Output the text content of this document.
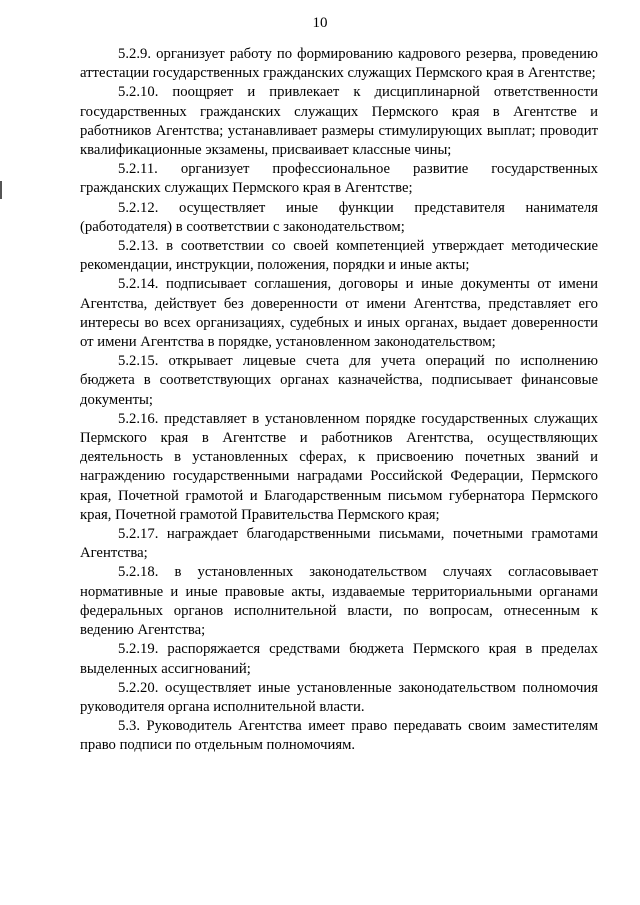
10

5.2.9. организует работу по формированию кадрового резерва, проведению аттестации государственных гражданских служащих Пермского края в Агентстве;

5.2.10. поощряет и привлекает к дисциплинарной ответственности государственных гражданских служащих Пермского края в Агентстве и работников Агентства; устанавливает размеры стимулирующих выплат; проводит квалификационные экзамены, присваивает классные чины;

5.2.11. организует профессиональное развитие государственных гражданских служащих Пермского края в Агентстве;

5.2.12. осуществляет иные функции представителя нанимателя (работодателя) в соответствии с законодательством;

5.2.13. в соответствии со своей компетенцией утверждает методические рекомендации, инструкции, положения, порядки и иные акты;

5.2.14. подписывает соглашения, договоры и иные документы от имени Агентства, действует без доверенности от имени Агентства, представляет его интересы во всех организациях, судебных и иных органах, выдает доверенности от имени Агентства в порядке, установленном законодательством;

5.2.15. открывает лицевые счета для учета операций по исполнению бюджета в соответствующих органах казначейства, подписывает финансовые документы;

5.2.16. представляет в установленном порядке государственных служащих Пермского края в Агентстве и работников Агентства, осуществляющих деятельность в установленных сферах, к присвоению почетных званий и награждению государственными наградами Российской Федерации, Пермского края, Почетной грамотой и Благодарственным письмом губернатора Пермского края, Почетной грамотой Правительства Пермского края;

5.2.17. награждает благодарственными письмами, почетными грамотами Агентства;

5.2.18. в установленных законодательством случаях согласовывает нормативные и иные правовые акты, издаваемые территориальными органами федеральных органов исполнительной власти, по вопросам, отнесенным к ведению Агентства;

5.2.19. распоряжается средствами бюджета Пермского края в пределах выделенных ассигнований;

5.2.20. осуществляет иные установленные законодательством полномочия руководителя органа исполнительной власти.

5.3. Руководитель Агентства имеет право передавать своим заместителям право подписи по отдельным полномочиям.
